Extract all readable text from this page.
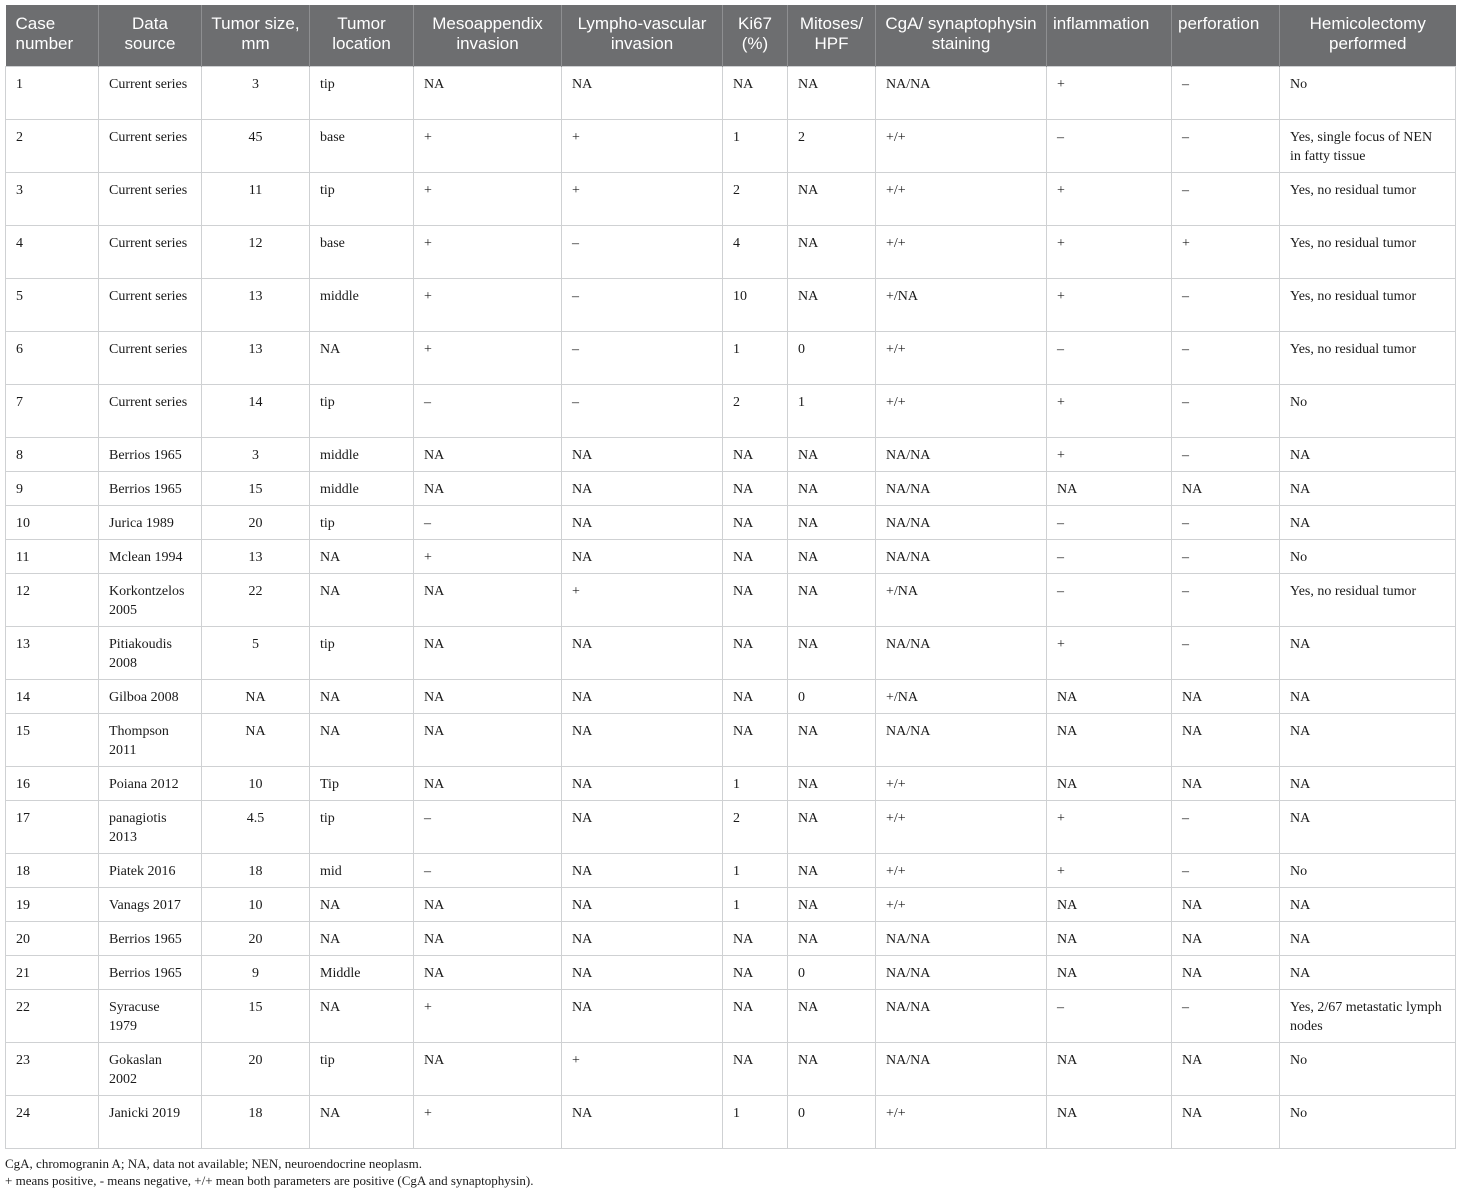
Case number	Data source	Tumor size, mm	Tumor location	Mesoappendix invasion	Lympho-vascular invasion	Ki67 (%)	Mitoses/ HPF	CgA/ synaptophysin staining	inflammation	perforation	Hemicolectomy performed
1	Current series	3	tip	NA	NA	NA	NA	NA/NA	+	–	No
2	Current series	45	base	+	+	1	2	+/+	–	–	Yes, single focus of NEN in fatty tissue
3	Current series	11	tip	+	+	2	NA	+/+	+	–	Yes, no residual tumor
4	Current series	12	base	+	–	4	NA	+/+	+	+	Yes, no residual tumor
5	Current series	13	middle	+	–	10	NA	+/NA	+	–	Yes, no residual tumor
6	Current series	13	NA	+	–	1	0	+/+	–	–	Yes, no residual tumor
7	Current series	14	tip	–	–	2	1	+/+	+	–	No
8	Berrios 1965	3	middle	NA	NA	NA	NA	NA/NA	+	–	NA
9	Berrios 1965	15	middle	NA	NA	NA	NA	NA/NA	NA	NA	NA
10	Jurica 1989	20	tip	–	NA	NA	NA	NA/NA	–	–	NA
11	Mclean 1994	13	NA	+	NA	NA	NA	NA/NA	–	–	No
12	Korkontzelos 2005	22	NA	NA	+	NA	NA	+/NA	–	–	Yes, no residual tumor
13	Pitiakoudis 2008	5	tip	NA	NA	NA	NA	NA/NA	+	–	NA
14	Gilboa 2008	NA	NA	NA	NA	NA	0	+/NA	NA	NA	NA
15	Thompson 2011	NA	NA	NA	NA	NA	NA	NA/NA	NA	NA	NA
16	Poiana 2012	10	Tip	NA	NA	1	NA	+/+	NA	NA	NA
17	panagiotis 2013	4.5	tip	–	NA	2	NA	+/+	+	–	NA
18	Piatek 2016	18	mid	–	NA	1	NA	+/+	+	–	No
19	Vanags 2017	10	NA	NA	NA	1	NA	+/+	NA	NA	NA
20	Berrios 1965	20	NA	NA	NA	NA	NA	NA/NA	NA	NA	NA
21	Berrios 1965	9	Middle	NA	NA	NA	0	NA/NA	NA	NA	NA
22	Syracuse 1979	15	NA	+	NA	NA	NA	NA/NA	–	–	Yes, 2/67 metastatic lymph nodes
23	Gokaslan 2002	20	tip	NA	+	NA	NA	NA/NA	NA	NA	No
24	Janicki 2019	18	NA	+	NA	1	0	+/+	NA	NA	No
CgA, chromogranin A; NA, data not available; NEN, neuroendocrine neoplasm.
+ means positive, - means negative, +/+ mean both parameters are positive (CgA and synaptophysin).
